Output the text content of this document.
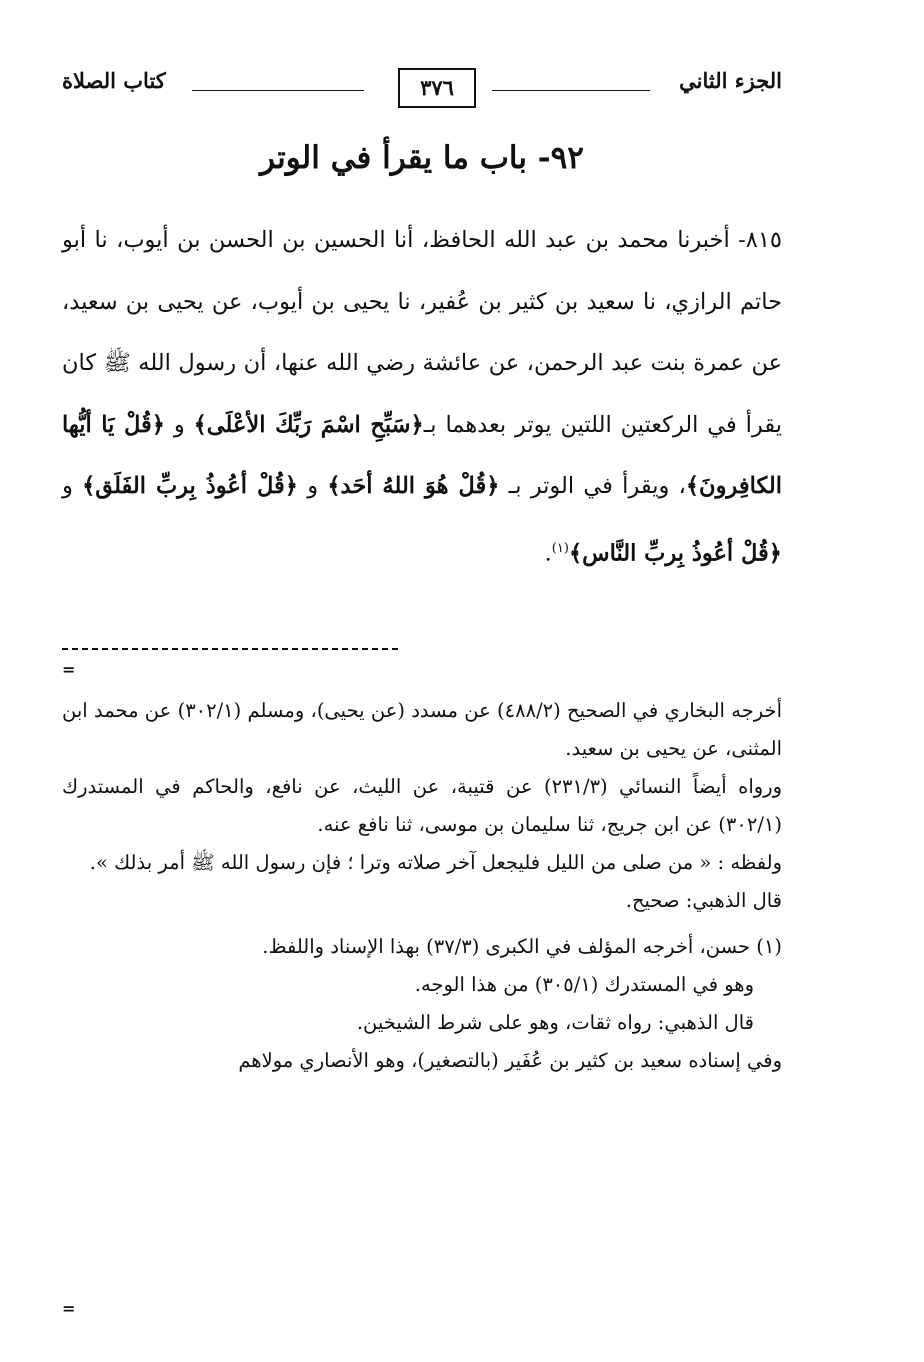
الجزء الثاني
٣٧٦
كتاب الصلاة
٩٢- باب ما يقرأ في الوتر
٨١٥- أخبرنا محمد بن عبد الله الحافظ، أنا الحسين بن الحسن بن أيوب، نا أبو حاتم الرازي، نا سعيد بن كثير بن عُفير، نا يحيى بن أيوب، عن يحيى بن سعيد، عن عمرة بنت عبد الرحمن، عن عائشة رضي الله عنها، أن رسول الله ﷺ كان يقرأ في الركعتين اللتين يوتر بعدهما بـ﴿سَبِّحِ اسْمَ رَبِّكَ الأعْلَى﴾ و ﴿قُلْ يَا أيُّها الكافِرونَ﴾، ويقرأ في الوتر بـ ﴿قُلْ هُوَ اللهُ أحَد﴾ و ﴿قُلْ أعُوذُ بِربِّ الفَلَق﴾ و ﴿قُلْ أعُوذُ بِربِّ النَّاس﴾$^{(١)}$.
=

أخرجه البخاري في الصحيح (٤٨٨/٢) عن مسدد (عن يحيى)، ومسلم (٣٠٢/١) عن محمد ابن المثنى، عن يحيى بن سعيد.

ورواه أيضاً النسائي (٢٣١/٣) عن قتيبة، عن الليث، عن نافع، والحاكم في المستدرك (٣٠٢/١) عن ابن جريج، ثنا سليمان بن موسى، ثنا نافع عنه.

ولفظه : « من صلى من الليل فليجعل آخر صلاته وترا ؛ فإن رسول الله ﷺ أمر بذلك ».

قال الذهبي: صحيح.

(١) حسن، أخرجه المؤلف في الكبرى (٣٧/٣) بهذا الإسناد واللفظ.

وهو في المستدرك (٣٠٥/١) من هذا الوجه.

قال الذهبي: رواه ثقات، وهو على شرط الشيخين.

وفي إسناده سعيد بن كثير بن عُفَير (بالتصغير)، وهو الأنصاري مولاهم

=
